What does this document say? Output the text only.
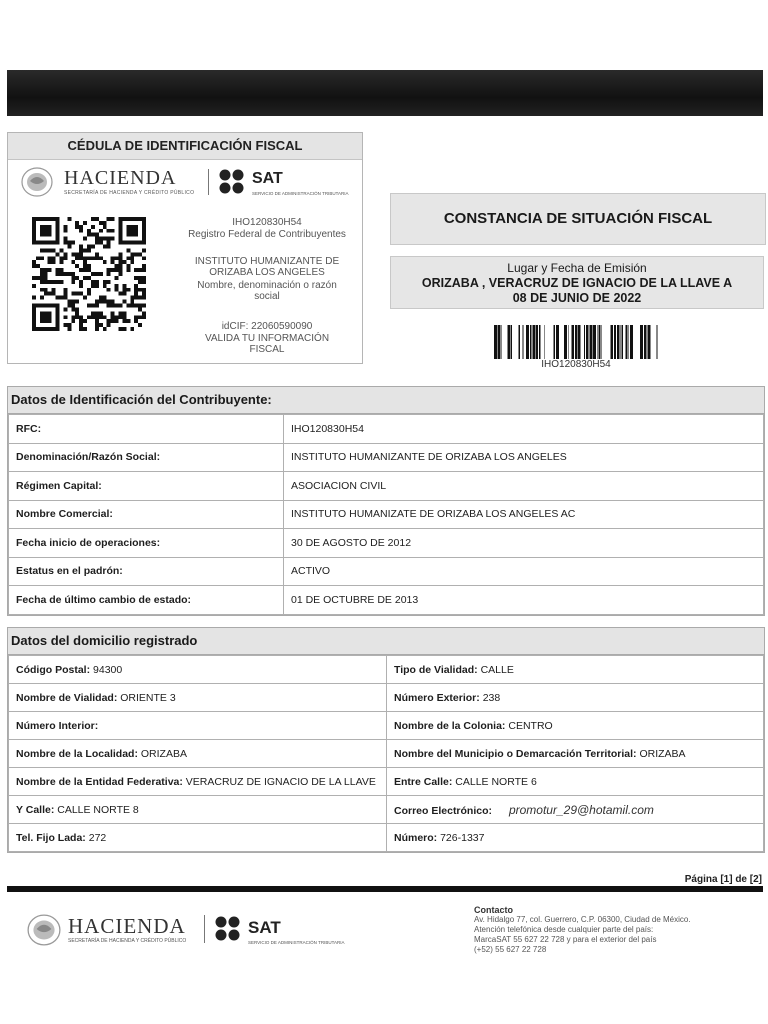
CÉDULA DE IDENTIFICACIÓN FISCAL
HACIENDA
SECRETARÍA DE HACIENDA Y CRÉDITO PÚBLICO
SAT
SERVICIO DE ADMINISTRACIÓN TRIBUTARIA
IHO120830H54
Registro Federal de Contribuyentes
INSTITUTO HUMANIZANTE DE ORIZABA LOS ANGELES
Nombre, denominación o razón social
idCIF: 22060590090
VALIDA TU INFORMACIÓN FISCAL
CONSTANCIA DE SITUACIÓN FISCAL
Lugar y Fecha de Emisión
ORIZABA , VERACRUZ DE IGNACIO DE LA LLAVE A
08 DE JUNIO DE 2022
IHO120830H54
Datos de Identificación del Contribuyente:
RFC:	IHO120830H54
Denominación/Razón Social:	INSTITUTO HUMANIZANTE DE ORIZABA LOS ANGELES
Régimen Capital:	ASOCIACION CIVIL
Nombre Comercial:	INSTITUTO HUMANIZATE DE ORIZABA LOS ANGELES AC
Fecha inicio de operaciones:	30 DE AGOSTO DE 2012
Estatus en el padrón:	ACTIVO
Fecha de último cambio de estado:	01 DE OCTUBRE DE 2013
Datos del domicilio registrado
Código Postal: 94300	Tipo de Vialidad: CALLE
Nombre de Vialidad: ORIENTE 3	Número Exterior: 238
Número Interior:	Nombre de la Colonia: CENTRO
Nombre de la Localidad: ORIZABA	Nombre del Municipio o Demarcación Territorial: ORIZABA
Nombre de la Entidad Federativa: VERACRUZ DE IGNACIO DE LA LLAVE	Entre Calle: CALLE NORTE 6
Y Calle: CALLE NORTE 8	Correo Electrónico: promotur_29@hotamil.com
Tel. Fijo Lada: 272	Número: 726-1337
Página [1] de [2]
HACIENDA
SECRETARÍA DE HACIENDA Y CRÉDITO PÚBLICO
SAT
SERVICIO DE ADMINISTRACIÓN TRIBUTARIA
Contacto
Av. Hidalgo 77, col. Guerrero, C.P. 06300, Ciudad de México.
Atención telefónica desde cualquier parte del país:
MarcaSAT 55 627 22 728 y para el exterior del país
(+52) 55 627 22 728
